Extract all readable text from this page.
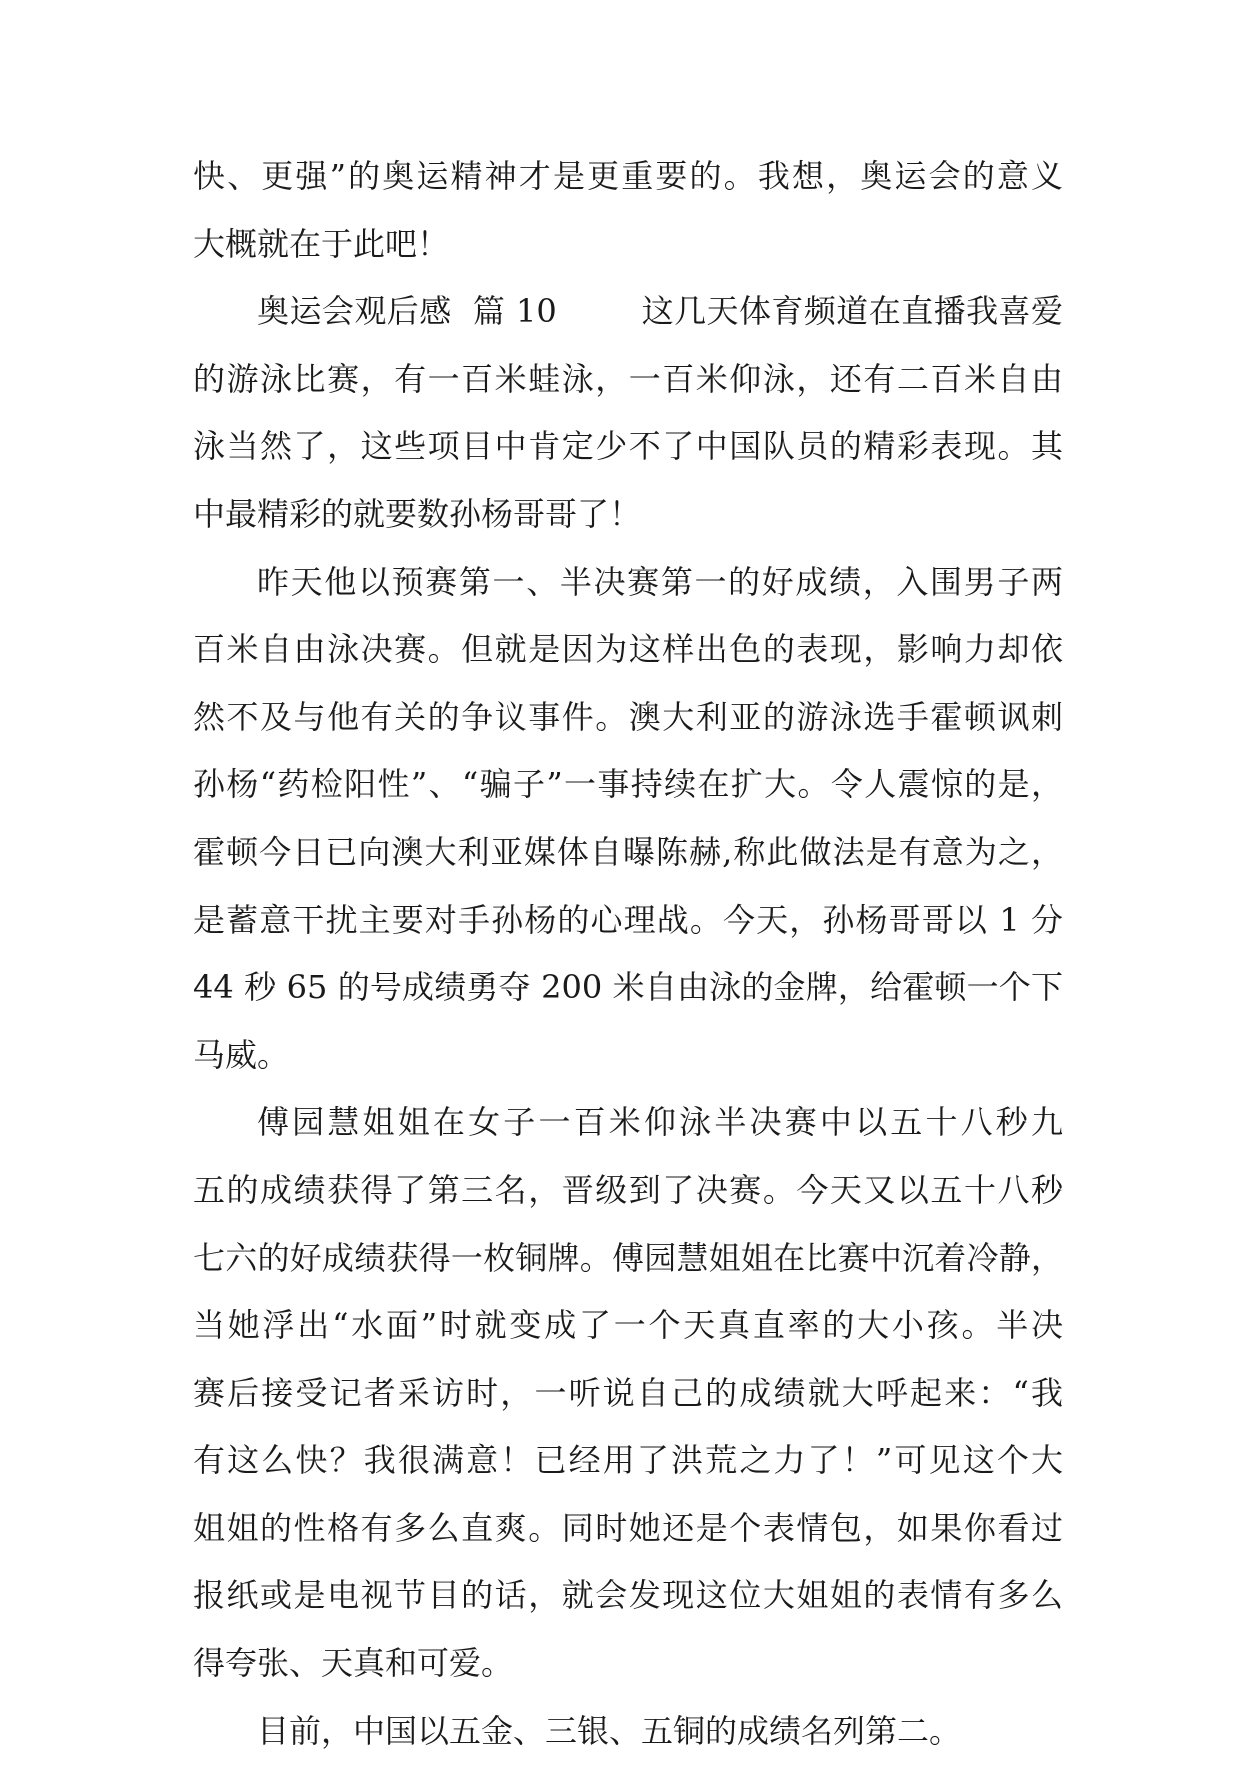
快、更强”的奥运精神才是更重要的。我想，奥运会的意义
大概就在于此吧！
奥运会观后感  篇 10        这几天体育频道在直播我喜爱
的游泳比赛，有一百米蛙泳，一百米仰泳，还有二百米自由
泳当然了，这些项目中肯定少不了中国队员的精彩表现。其
中最精彩的就要数孙杨哥哥了！
昨天他以预赛第一、半决赛第一的好成绩，入围男子两
百米自由泳决赛。但就是因为这样出色的表现，影响力却依
然不及与他有关的争议事件。澳大利亚的游泳选手霍顿讽刺
孙杨“药检阳性”、“骗子”一事持续在扩大。令人震惊的是，
霍顿今日已向澳大利亚媒体自曝陈赫,称此做法是有意为之，
是蓄意干扰主要对手孙杨的心理战。今天，孙杨哥哥以 1 分
44 秒 65 的号成绩勇夺 200 米自由泳的金牌，给霍顿一个下
马威。
傅园慧姐姐在女子一百米仰泳半决赛中以五十八秒九
五的成绩获得了第三名，晋级到了决赛。今天又以五十八秒
七六的好成绩获得一枚铜牌。傅园慧姐姐在比赛中沉着冷静，
当她浮出“水面”时就变成了一个天真直率的大小孩。半决
赛后接受记者采访时，一听说自己的成绩就大呼起来：“我
有这么快？我很满意！已经用了洪荒之力了！”可见这个大
姐姐的性格有多么直爽。同时她还是个表情包，如果你看过
报纸或是电视节目的话，就会发现这位大姐姐的表情有多么
得夸张、天真和可爱。
目前，中国以五金、三银、五铜的成绩名列第二。
